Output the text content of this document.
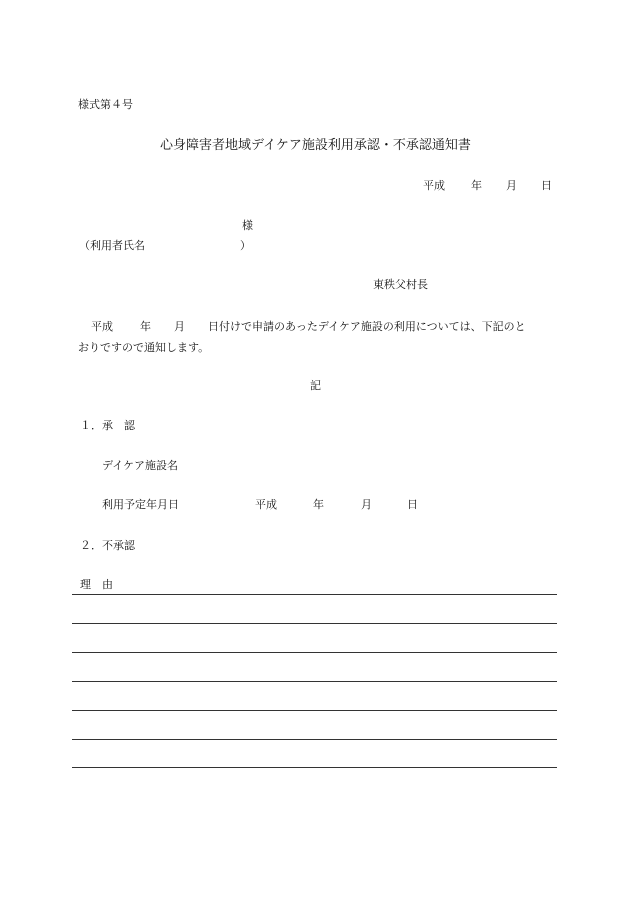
様式第４号
心身障害者地域デイケア施設利用承認・不承認通知書
平成 年 月 日
様
（利用者氏名	）
東秩父村長
平成 年 月 日付けで申請のあったデイケア施設の利用については、下記のと
おりですので通知します。
記
１．承　認
デイケア施設名
利用予定年月日	平成	年	月	日
２．不承認
理　由
